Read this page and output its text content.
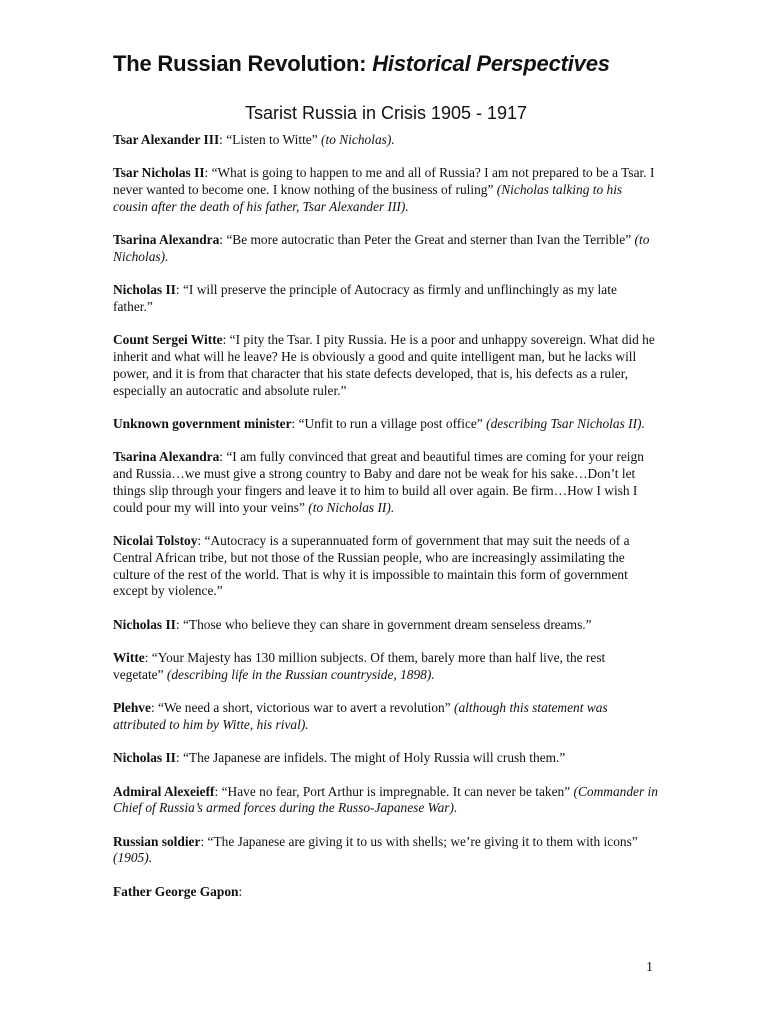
The Russian Revolution: Historical Perspectives
Tsarist Russia in Crisis 1905 - 1917

Tsar Alexander III: “Listen to Witte” (to Nicholas).

Tsar Nicholas II: “What is going to happen to me and all of Russia? I am not prepared to be a Tsar. I never wanted to become one. I know nothing of the business of ruling” (Nicholas talking to his cousin after the death of his father, Tsar Alexander III).

Tsarina Alexandra: “Be more autocratic than Peter the Great and sterner than Ivan the Terrible” (to Nicholas).

Nicholas II: “I will preserve the principle of Autocracy as firmly and unflinchingly as my late father.”

Count Sergei Witte: “I pity the Tsar. I pity Russia. He is a poor and unhappy sovereign. What did he inherit and what will he leave? He is obviously a good and quite intelligent man, but he lacks will power, and it is from that character that his state defects developed, that is, his defects as a ruler, especially an autocratic and absolute ruler.”

Unknown government minister: “Unfit to run a village post office” (describing Tsar Nicholas II).

Tsarina Alexandra: “I am fully convinced that great and beautiful times are coming for your reign and Russia…we must give a strong country to Baby and dare not be weak for his sake…Don’t let things slip through your fingers and leave it to him to build all over again. Be firm…How I wish I could pour my will into your veins” (to Nicholas II).

Nicolai Tolstoy: “Autocracy is a superannuated form of government that may suit the needs of a Central African tribe, but not those of the Russian people, who are increasingly assimilating the culture of the rest of the world. That is why it is impossible to maintain this form of government except by violence.”

Nicholas II: “Those who believe they can share in government dream senseless dreams.”

Witte: “Your Majesty has 130 million subjects. Of them, barely more than half live, the rest vegetate” (describing life in the Russian countryside, 1898).

Plehve: “We need a short, victorious war to avert a revolution” (although this statement was attributed to him by Witte, his rival).

Nicholas II: “The Japanese are infidels. The might of Holy Russia will crush them.”

Admiral Alexeieff: “Have no fear, Port Arthur is impregnable. It can never be taken” (Commander in Chief of Russia’s armed forces during the Russo-Japanese War).

Russian soldier: “The Japanese are giving it to us with shells; we’re giving it to them with icons” (1905).

Father George Gapon:

1
